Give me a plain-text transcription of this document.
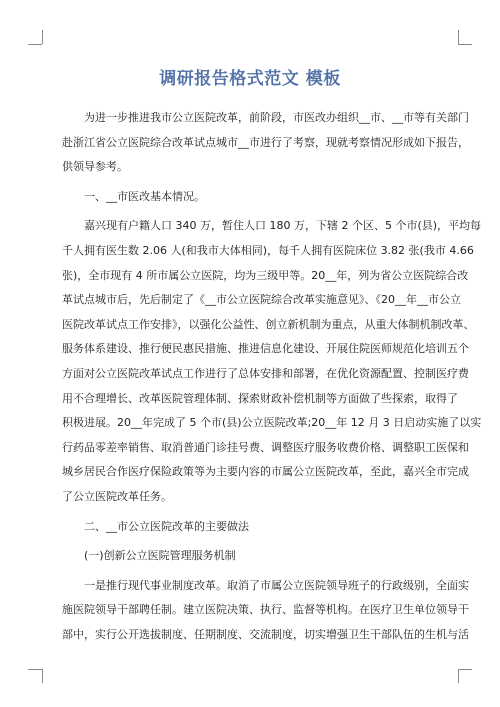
调研报告格式范文 模板

为进一步推进我市公立医院改革，前阶段，市医改办组织__市、__市等有关部门
赴浙江省公立医院综合改革试点城市__市进行了考察，现就考察情况形成如下报告，
供领导参考。

一、__市医改基本情况。

嘉兴现有户籍人口 340 万，暂住人口 180 万，下辖 2 个区、5 个市(县)，平均每
千人拥有医生数 2.06 人(和我市大体相同)，每千人拥有医院床位 3.82 张(我市 4.66
张)，全市现有 4 所市属公立医院，均为三级甲等。20__年，列为省公立医院综合改
革试点城市后，先后制定了《__市公立医院综合改革实施意见》、《20__年__市公立
医院改革试点工作安排》，以强化公益性、创立新机制为重点，从重大体制机制改革、
服务体系建设、推行便民惠民措施、推进信息化建设、开展住院医师规范化培训五个
方面对公立医院改革试点工作进行了总体安排和部署，在优化资源配置、控制医疗费
用不合理增长、改革医院管理体制、探索财政补偿机制等方面做了些探索，取得了
积极进展。20__年完成了 5 个市(县)公立医院改革;20__年 12 月 3 日启动实施了以实
行药品零差率销售、取消普通门诊挂号费、调整医疗服务收费价格、调整职工医保和
城乡居民合作医疗保险政策等为主要内容的市属公立医院改革，至此，嘉兴全市完成
了公立医院改革任务。

二、__市公立医院改革的主要做法

(一)创新公立医院管理服务机制

一是推行现代事业制度改革。取消了市属公立医院领导班子的行政级别，全面实
施医院领导干部聘任制。建立医院决策、执行、监督等机构。在医疗卫生单位领导干
部中，实行公开选拔制度、任期制度、交流制度，切实增强卫生干部队伍的生机与活
